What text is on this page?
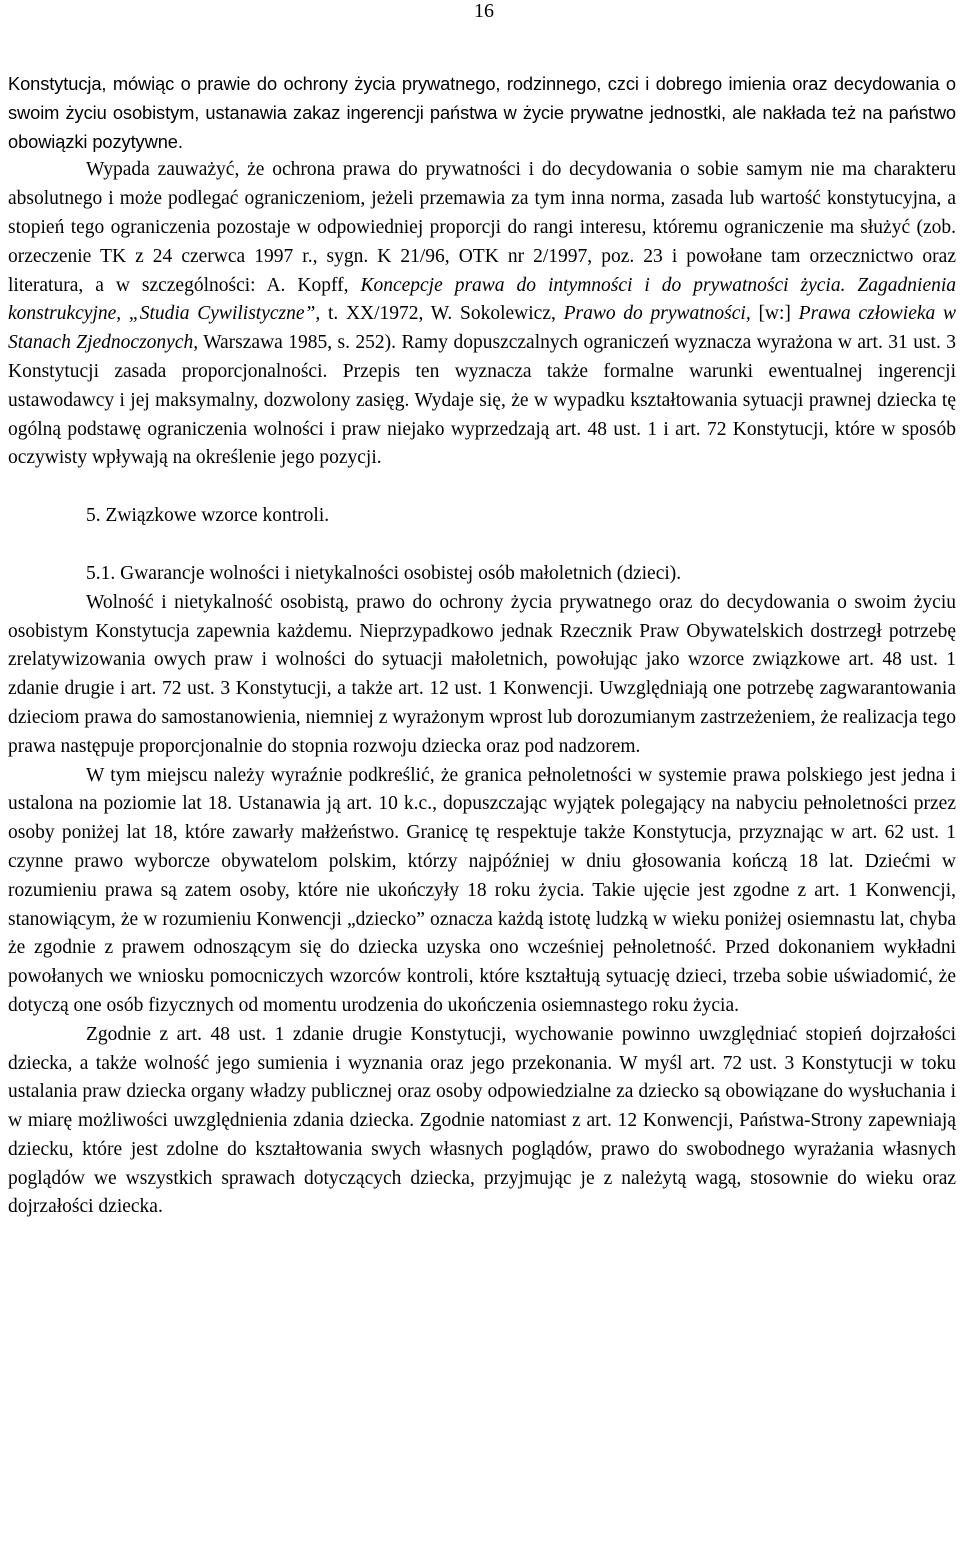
16

Konstytucja, mówiąc o prawie do ochrony życia prywatnego, rodzinnego, czci i dobrego imienia oraz decydowania o swoim życiu osobistym, ustanawia zakaz ingerencji państwa w życie prywatne jednostki, ale nakłada też na państwo obowiązki pozytywne.

Wypada zauważyć, że ochrona prawa do prywatności i do decydowania o sobie samym nie ma charakteru absolutnego i może podlegać ograniczeniom, jeżeli przemawia za tym inna norma, zasada lub wartość konstytucyjna, a stopień tego ograniczenia pozostaje w odpowiedniej proporcji do rangi interesu, któremu ograniczenie ma służyć (zob. orzeczenie TK z 24 czerwca 1997 r., sygn. K 21/96, OTK nr 2/1997, poz. 23 i powołane tam orzecznictwo oraz literatura, a w szczególności: A. Kopff, Koncepcje prawa do intymności i do prywatności życia. Zagadnienia konstrukcyjne, „Studia Cywilistyczne”, t. XX/1972, W. Sokolewicz, Prawo do prywatności, [w:] Prawa człowieka w Stanach Zjednoczonych, Warszawa 1985, s. 252). Ramy dopuszczalnych ograniczeń wyznacza wyrażona w art. 31 ust. 3 Konstytucji zasada proporcjonalności. Przepis ten wyznacza także formalne warunki ewentualnej ingerencji ustawodawcy i jej maksymalny, dozwolony zasięg. Wydaje się, że w wypadku kształtowania sytuacji prawnej dziecka tę ogólną podstawę ograniczenia wolności i praw niejako wyprzedzają art. 48 ust. 1 i art. 72 Konstytucji, które w sposób oczywisty wpływają na określenie jego pozycji.

5. Związkowe wzorce kontroli.

5.1. Gwarancje wolności i nietykalności osobistej osób małoletnich (dzieci).

Wolność i nietykalność osobistą, prawo do ochrony życia prywatnego oraz do decydowania o swoim życiu osobistym Konstytucja zapewnia każdemu. Nieprzypadkowo jednak Rzecznik Praw Obywatelskich dostrzegł potrzebę zrelatywizowania owych praw i wolności do sytuacji małoletnich, powołując jako wzorce związkowe art. 48 ust. 1 zdanie drugie i art. 72 ust. 3 Konstytucji, a także art. 12 ust. 1 Konwencji. Uwzględniają one potrzebę zagwarantowania dzieciom prawa do samostanowienia, niemniej z wyrażonym wprost lub dorozumianym zastrzeżeniem, że realizacja tego prawa następuje proporcjonalnie do stopnia rozwoju dziecka oraz pod nadzorem.

W tym miejscu należy wyraźnie podkreślić, że granica pełnoletności w systemie prawa polskiego jest jedna i ustalona na poziomie lat 18. Ustanawia ją art. 10 k.c., dopuszczając wyjątek polegający na nabyciu pełnoletności przez osoby poniżej lat 18, które zawarły małżeństwo. Granicę tę respektuje także Konstytucja, przyznając w art. 62 ust. 1 czynne prawo wyborcze obywatelom polskim, którzy najpóźniej w dniu głosowania kończą 18 lat. Dziećmi w rozumieniu prawa są zatem osoby, które nie ukończyły 18 roku życia. Takie ujęcie jest zgodne z art. 1 Konwencji, stanowiącym, że w rozumieniu Konwencji „dziecko” oznacza każdą istotę ludzką w wieku poniżej osiemnastu lat, chyba że zgodnie z prawem odnoszącym się do dziecka uzyska ono wcześniej pełnoletność. Przed dokonaniem wykładni powołanych we wniosku pomocniczych wzorców kontroli, które kształtują sytuację dzieci, trzeba sobie uświadomić, że dotyczą one osób fizycznych od momentu urodzenia do ukończenia osiemnastego roku życia.

Zgodnie z art. 48 ust. 1 zdanie drugie Konstytucji, wychowanie powinno uwzględniać stopień dojrzałości dziecka, a także wolność jego sumienia i wyznania oraz jego przekonania. W myśl art. 72 ust. 3 Konstytucji w toku ustalania praw dziecka organy władzy publicznej oraz osoby odpowiedzialne za dziecko są obowiązane do wysłuchania i w miarę możliwości uwzględnienia zdania dziecka. Zgodnie natomiast z art. 12 Konwencji, Państwa-Strony zapewniają dziecku, które jest zdolne do kształtowania swych własnych poglądów, prawo do swobodnego wyrażania własnych poglądów we wszystkich sprawach dotyczących dziecka, przyjmując je z należytą wagą, stosownie do wieku oraz dojrzałości dziecka.
